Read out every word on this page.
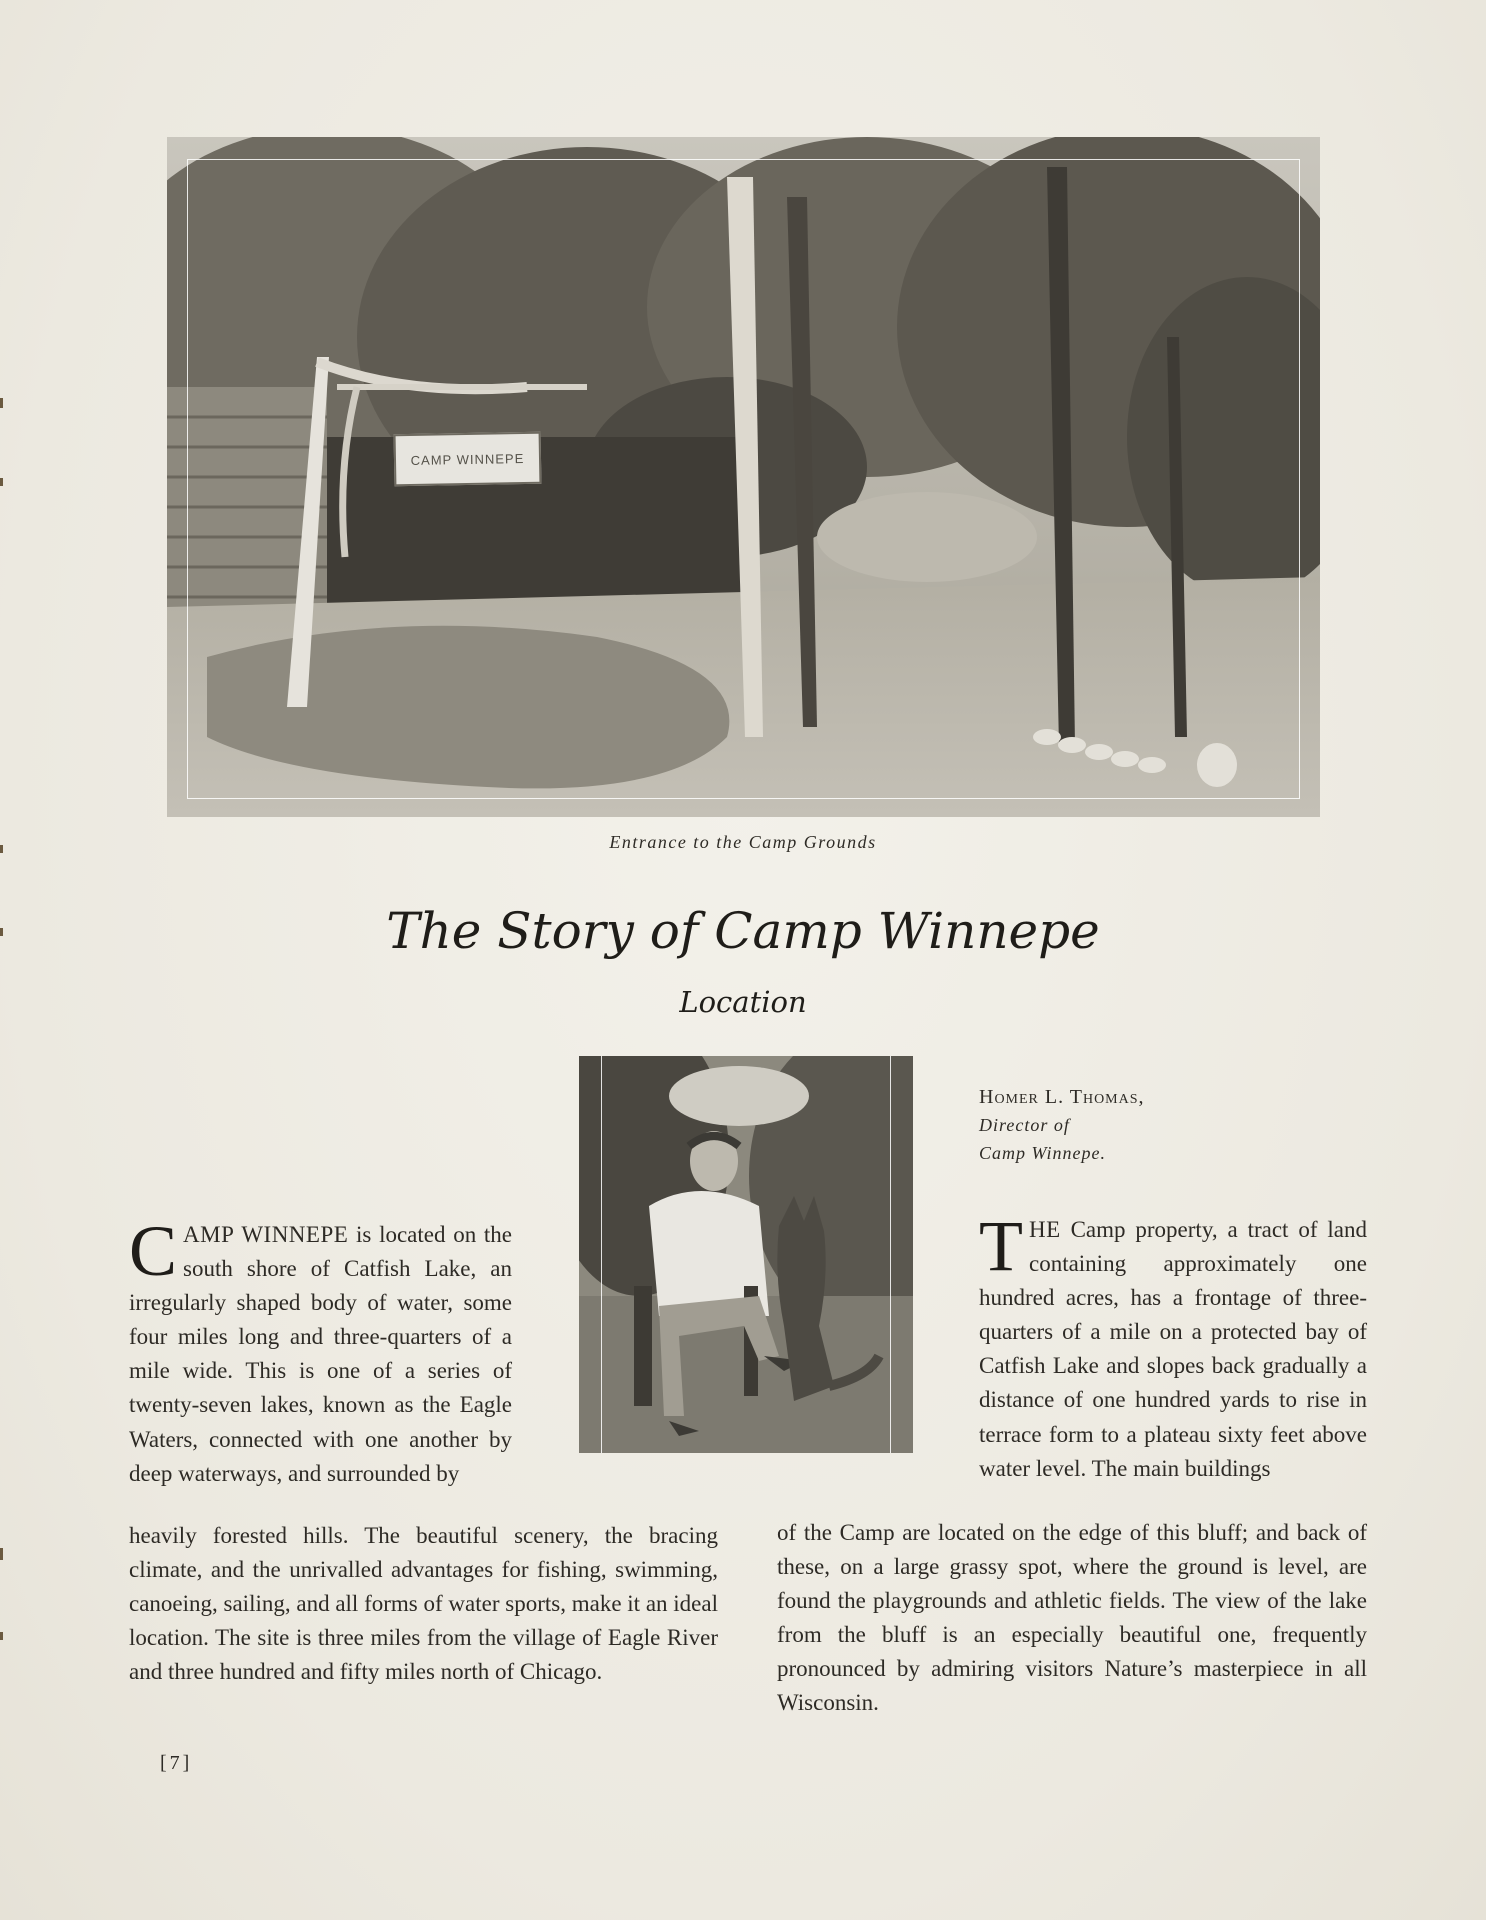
CAMP WINNEPE
Entrance to the Camp Grounds
The Story of Camp Winnepe
Location
Homer L. Thomas,
Director of
Camp Winnepe.

C AMP WINNEPE is located on the south shore of Catfish Lake, an irregularly shaped body of water, some four miles long and three-quarters of a mile wide. This is one of a series of twenty-seven lakes, known as the Eagle Waters, connected with one another by deep waterways, and surrounded by

heavily forested hills. The beautiful scenery, the bracing climate, and the unrivalled advantages for fishing, swimming, canoeing, sailing, and all forms of water sports, make it an ideal location. The site is three miles from the village of Eagle River and three hundred and fifty miles north of Chicago.

T HE Camp property, a tract of land containing approximately one hundred acres, has a frontage of three-quarters of a mile on a protected bay of Catfish Lake and slopes back gradually a distance of one hundred yards to rise in terrace form to a plateau sixty feet above water level. The main buildings

of the Camp are located on the edge of this bluff; and back of these, on a large grassy spot, where the ground is level, are found the playgrounds and athletic fields. The view of the lake from the bluff is an especially beautiful one, frequently pronounced by admiring visitors Nature’s masterpiece in all Wisconsin.

[7]
